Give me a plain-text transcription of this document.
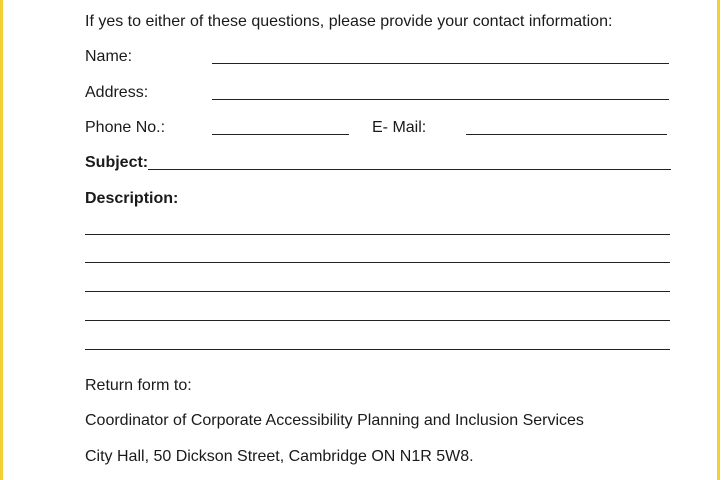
If yes to either of these questions, please provide your contact information:
Name:
Address:
Phone No.:	E- Mail:
Subject:
Description:
Return form to:
Coordinator of Corporate Accessibility Planning and Inclusion Services
City Hall, 50 Dickson Street, Cambridge ON N1R 5W8.
